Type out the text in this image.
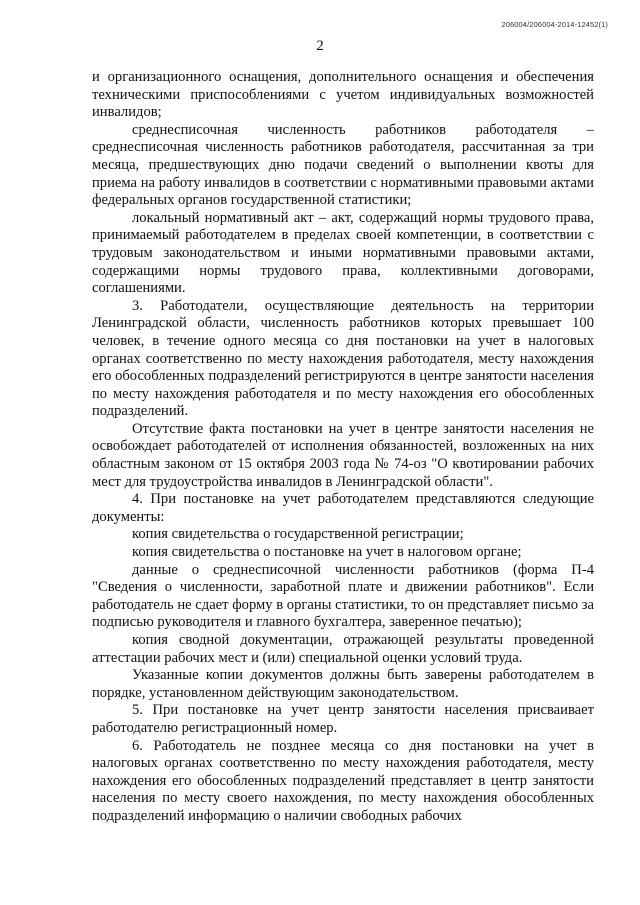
206004/206004-2014-12452(1)
2

и организационного оснащения, дополнительного оснащения и обеспечения техническими приспособлениями с учетом индивидуальных возможностей инвалидов;

среднесписочная численность работников работодателя – среднесписочная численность работников работодателя, рассчитанная за три месяца, предшествующих дню подачи сведений о выполнении квоты для приема на работу инвалидов в соответствии с нормативными правовыми актами федеральных органов государственной статистики;

локальный нормативный акт – акт, содержащий нормы трудового права, принимаемый работодателем в пределах своей компетенции, в соответствии с трудовым законодательством и иными нормативными правовыми актами, содержащими нормы трудового права, коллективными договорами, соглашениями.

3. Работодатели, осуществляющие деятельность на территории Ленинградской области, численность работников которых превышает 100 человек, в течение одного месяца со дня постановки на учет в налоговых органах соответственно по месту нахождения работодателя, месту нахождения его обособленных подразделений регистрируются в центре занятости населения по месту нахождения работодателя и по месту нахождения его обособленных подразделений.

Отсутствие факта постановки на учет в центре занятости населения не освобождает работодателей от исполнения обязанностей, возложенных на них областным законом от 15 октября 2003 года № 74-оз "О квотировании рабочих мест для трудоустройства инвалидов в Ленинградской области".

4. При постановке на учет работодателем представляются следующие документы:

копия свидетельства о государственной регистрации;

копия свидетельства о постановке на учет в налоговом органе;

данные о среднесписочной численности работников (форма П-4 "Сведения о численности, заработной плате и движении работников". Если работодатель не сдает форму в органы статистики, то он представляет письмо за подписью руководителя и главного бухгалтера, заверенное печатью);

копия сводной документации, отражающей результаты проведенной аттестации рабочих мест и (или) специальной оценки условий труда.

Указанные копии документов должны быть заверены работодателем в порядке, установленном действующим законодательством.

5. При постановке на учет центр занятости населения присваивает работодателю регистрационный номер.

6. Работодатель не позднее месяца со дня постановки на учет в налоговых органах соответственно по месту нахождения работодателя, месту нахождения его обособленных подразделений представляет в центр занятости населения по месту своего нахождения, по месту нахождения обособленных подразделений информацию о наличии свободных рабочих
